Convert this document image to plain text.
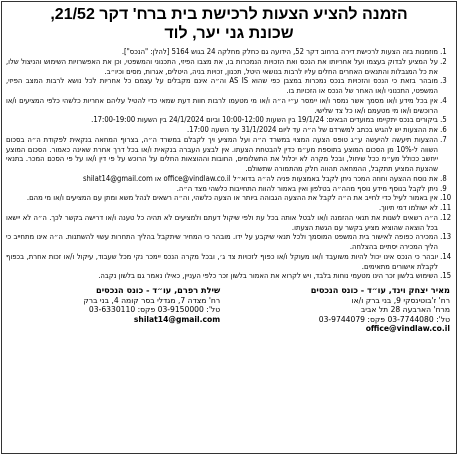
הזמנה להציע הצעות לרכישת בית ברח' דקר 21/52,
שכונת גני יער, לוד
1. מוזמנות בזה הצעות לרכישת דירה ברחוב דקר 52, הידועה גם כחלק מחלקה 24 בגוש 5164 [להלן: "הנכס"].
2. על המציע לבדוק בעצמו ועל אחריותו את הנכס ואת הזכויות הנמכרות בו, את מצבו הפיזי, התכנוני והמשפטי, וכן את האפשרויות השימוש והניצול שלו, את כל המגבלות והתנאים האחרים החלים עליו לרבות בנושאי היטל, תכנון, זכויות בניה, היטלים, אגרות, מסים וכיו״ב.
3. מובהר בזאת כי הנכס והזכויות בנכס נמכרות במצבן כפי שהוא AS IS וה״ה אינם מקבלים על עצמם כל אחריות לכל נושא לרבות המצב הפיזי, המשפטי, התכנוני ו/או האחר של הנכס או הזכויות בו.
4. אין בכל מידע ו/או מסמך אשר נמסר ו/או יימסר ע״י ה״ה ו/או מי מטעמו לרבות חוות דעת שמאי כדי להטיל עליהם אחריות כלשהי כלפי המציעים ו/או הרוכשים ו/או מי מטעמם ו/או כל צד שלישי.
5. ביקורים בנכס יתקיימו במועדים הבאים: 19/1/24 בין השעות 10:00-12:00 וביום 24/1/2024 בין השעות 17:00-19:00.
6. את ההצעות יש להגיש בכתב למשרדם של ה״ה עד ליום 31/1/2024 עד השעה 17:00.
7. ההצעות תיעשה להיעשה ע״ג טופס הצעה המצוי במשרד ה״ה ועל המציע ויך לקבלם במשרד ה״ה, בצרוף המחאה בנקאית לפקודת ה״ה בסכום השווה ל-10% מן הסכום המוצע בתוספת מע״מ כדין להבטחת הצעתו. אין לבצע העברה בנקאית ו/או בכל דרך אחרת שאינה כאמור. הסכום המוצע ייחשב ככולל מע״מ ככל שיחול, ובכל מקרה לא יכלול את התשלומים, החובות וההוצאות החלים על הרוכש על פי דין ו/או על פי הסכם המכר. בתנאי שהצעת המציע תתקבל, ההמחאה תהווה חלק מהתמורה שתשולם.
8. את נוסח ההצעה וחוזה המכר ניתן לקבל באמצעות פניה לה״ה בדוא״ל office@vindlaw.co.il או shilat14@gmail.com
9. ניתן לקבל בנוסף מידע נוסף מהה״ה בטלפון ואין באמור להוות התחייבות כלשהי מצד ה״ה.
10. אין באמור לעיל כדי לחייב את ה״ה לקבל את ההצעה הגבוהה ביותר או הצעה כלשהי, וה״ה רשאים לנהל משא ומתן עם המציעים ו/או מי מהם.
11. לא ישולמו דמי תיווך.
12. ה״ה רשאים לשנות את תנאי ההזמנה ו/או לבטל אותה בכל עת ולפי שיקול דעתם ולמציעים לא תהיה כל טענה ו/או דרישה בקשר לכך. ה״ה לא יישאו בכל הוצאה שהוציא מציע בקשר עם הגשת הצעתו.
13. המכירה כפופה לאישור בית המשפט המוסמך ולכל תנאי שיקבע על ידו. מובהר כי המחיר שיתקבל בהליך התחרות עשוי להשתנות. ה״ה אינו מתחייב כי הליך המכירה יסתיים בהצלחה.
14. יובהר כי הנכס אינו יכול להיות משועבד ו/או מעוקל ו/או כפוף לזכויות צד ג׳, ובכל מקרה הנכס יימכר נקי מכל שעבוד, עיקול ו/או זכות אחרת, בכפוף לקבלת אישורים מתאימים.
15. השימוש בלשון זכר הינו מטעמי נוחות בלבד, ויש לקרוא את האמור בלשון זכר כלפי העניין, כאילו נאמר גם בלשון נקבה.
מאיר יצחק וינד, עו״ד - כונס הנכסים
רח' ז'בוטינסקי 9, בני ברק ו/או
מרח' הארבעה 28 תל אביב
טל': 03-7744080 פקס: 03-9744079
office@vindlaw.co.il
שילת רפרם, עו״ד - כונס הנכסים
רח' מצדה 7, מגדלי בסר קומה 4, בני ברק
טל': 03-9150000 פקס: 03-6330110
shilat14@gmail.com
